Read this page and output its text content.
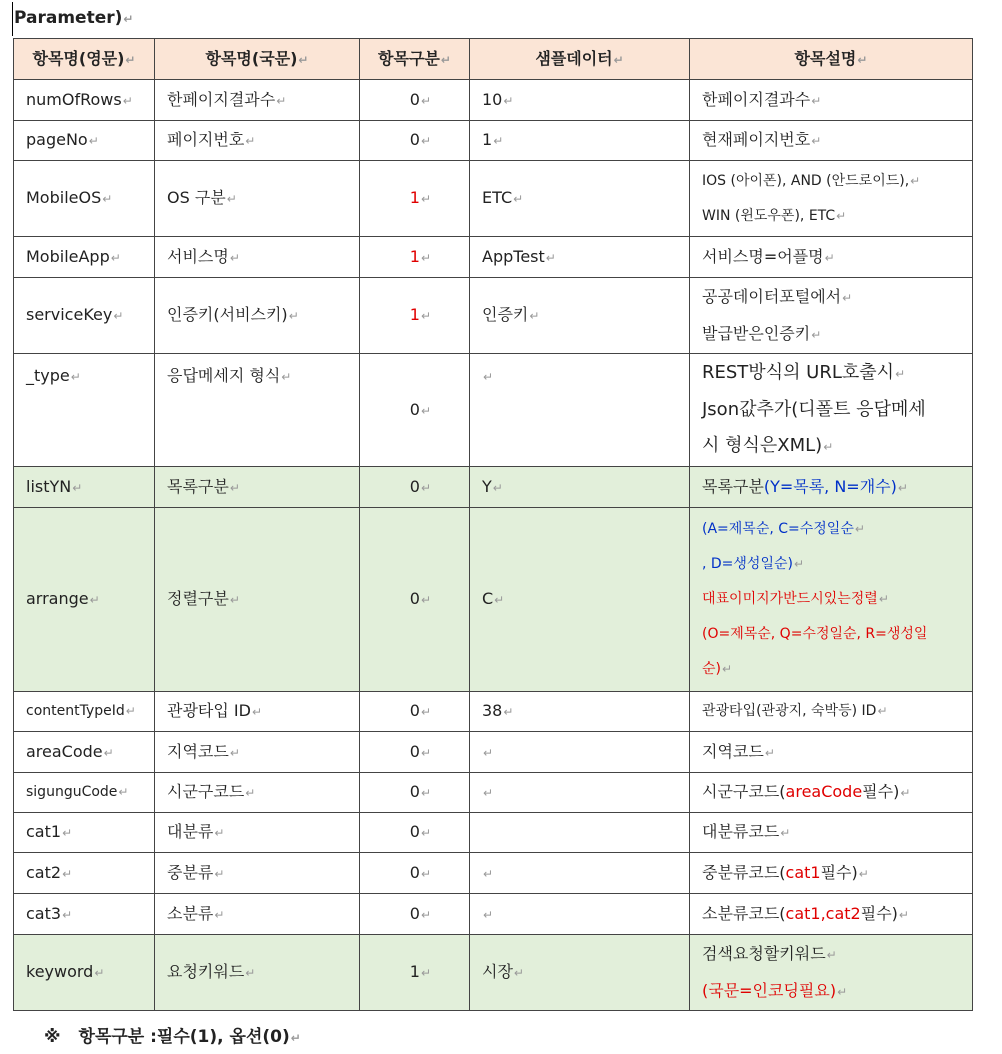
Parameter)↵
항목명(영문)↵	항목명(국문)↵	항목구분↵	샘플데이터↵	항목설명↵
numOfRows↵	한페이지결과수↵	0↵	10↵	한페이지결과수↵
pageNo↵	페이지번호↵	0↵	1↵	현재페이지번호↵
MobileOS↵	OS 구분↵	1↵	ETC↵	IOS (아이폰), AND (안드로이드),↵
WIN (윈도우폰), ETC↵
MobileApp↵	서비스명↵	1↵	AppTest↵	서비스명=어플명↵
serviceKey↵	인증키(서비스키)↵	1↵	인증키↵	공공데이터포털에서↵
발급받은인증키↵
_type↵	응답메세지 형식↵	0↵	↵	REST방식의 URL호출시↵
Json값추가(디폴트 응답메세
시 형식은XML)↵
listYN↵	목록구분↵	0↵	Y↵	목록구분(Y=목록, N=개수)↵
arrange↵	정렬구분↵	0↵	C↵	(A=제목순, C=수정일순↵
, D=생성일순)↵
대표이미지가반드시있는정렬↵
(O=제목순, Q=수정일순, R=생성일
순)↵
contentTypeId↵	관광타입 ID↵	0↵	38↵	관광타입(관광지, 숙박등) ID↵
areaCode↵	지역코드↵	0↵	↵	지역코드↵
sigunguCode↵	시군구코드↵	0↵	↵	시군구코드(areaCode필수)↵
cat1↵	대분류↵	0↵		대분류코드↵
cat2↵	중분류↵	0↵	↵	중분류코드(cat1필수)↵
cat3↵	소분류↵	0↵	↵	소분류코드(cat1,cat2필수)↵
keyword↵	요청키워드↵	1↵	시장↵	검색요청할키워드↵
(국문=인코딩필요)↵
※ 항목구분 :필수(1), 옵션(0)↵
